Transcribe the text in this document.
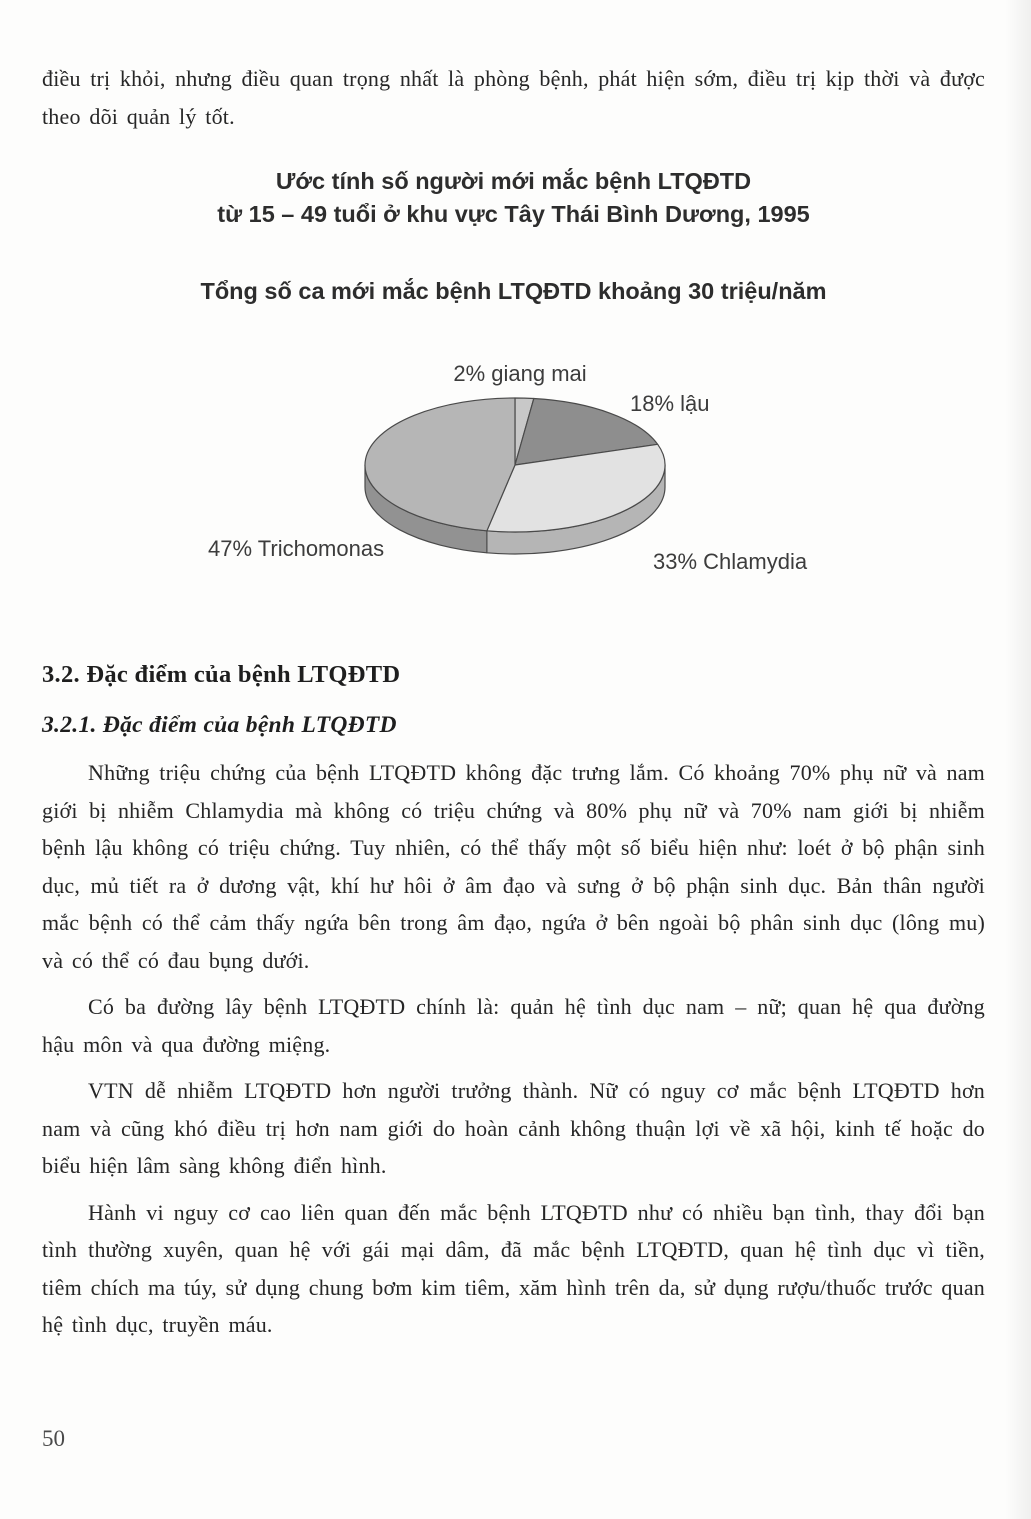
điều trị khỏi, nhưng điều quan trọng nhất là phòng bệnh, phát hiện sớm, điều trị kịp thời và được theo dõi quản lý tốt.

Ước tính số người mới mắc bệnh LTQĐTD
từ 15 – 49 tuổi ở khu vực Tây Thái Bình Dương, 1995
Tổng số ca mới mắc bệnh LTQĐTD khoảng 30 triệu/năm
2% giang mai
18% lậu
33% Chlamydia
47% Trichomonas
3.2. Đặc điểm của bệnh LTQĐTD
3.2.1. Đặc điểm của bệnh LTQĐTD

Những triệu chứng của bệnh LTQĐTD không đặc trưng lắm. Có khoảng 70% phụ nữ và nam giới bị nhiễm Chlamydia mà không có triệu chứng và 80% phụ nữ và 70% nam giới bị nhiễm bệnh lậu không có triệu chứng. Tuy nhiên, có thể thấy một số biểu hiện như: loét ở bộ phận sinh dục, mủ tiết ra ở dương vật, khí hư hôi ở âm đạo và sưng ở bộ phận sinh dục. Bản thân người mắc bệnh có thể cảm thấy ngứa bên trong âm đạo, ngứa ở bên ngoài bộ phân sinh dục (lông mu) và có thể có đau bụng dưới.

Có ba đường lây bệnh LTQĐTD chính là: quản hệ tình dục nam – nữ; quan hệ qua đường hậu môn và qua đường miệng.

VTN dễ nhiễm LTQĐTD hơn người trưởng thành. Nữ có nguy cơ mắc bệnh LTQĐTD hơn nam và cũng khó điều trị hơn nam giới do hoàn cảnh không thuận lợi về xã hội, kinh tế hoặc do biểu hiện lâm sàng không điển hình.

Hành vi nguy cơ cao liên quan đến mắc bệnh LTQĐTD như có nhiều bạn tình, thay đổi bạn tình thường xuyên, quan hệ với gái mại dâm, đã mắc bệnh LTQĐTD, quan hệ tình dục vì tiền, tiêm chích ma túy, sử dụng chung bơm kim tiêm, xăm hình trên da, sử dụng rượu/thuốc trước quan hệ tình dục, truyền máu.

50
